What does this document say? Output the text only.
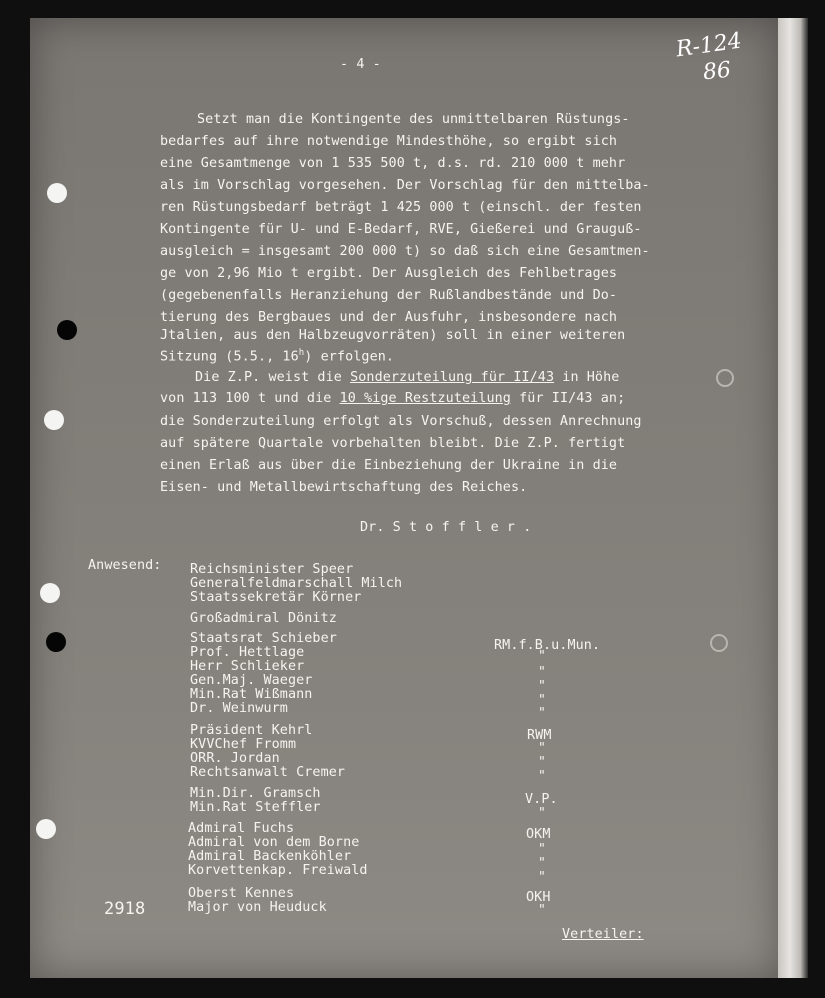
- 4 -
R-124
86
Setzt man die Kontingente des unmittelbaren Rüstungs-
bedarfes auf ihre notwendige Mindesthöhe, so ergibt sich
eine Gesamtmenge von 1 535 500 t, d.s. rd. 210 000 t mehr
als im Vorschlag vorgesehen. Der Vorschlag für den mittelba-
ren Rüstungsbedarf beträgt 1 425 000 t (einschl. der festen
Kontingente für U- und E-Bedarf, RVE, Gießerei und Grauguß-
ausgleich = insgesamt 200 000 t) so daß sich eine Gesamtmen-
ge von 2,96 Mio t ergibt. Der Ausgleich des Fehlbetrages
(gegebenenfalls Heranziehung der Rußlandbestände und Do-
tierung des Bergbaues und der Ausfuhr, insbesondere nach
Jtalien, aus den Halbzeugvorräten) soll in einer weiteren
Sitzung (5.5., 16$^h$) erfolgen.
Die Z.P. weist die Sonderzuteilung für II/43 in Höhe
von 113 100 t und die 10 %ige Restzuteilung für II/43 an;
die Sonderzuteilung erfolgt als Vorschuß, dessen Anrechnung
auf spätere Quartale vorbehalten bleibt. Die Z.P. fertigt
einen Erlaß aus über die Einbeziehung der Ukraine in die
Eisen- und Metallbewirtschaftung des Reiches.
Dr. S t o f f l e r .
Anwesend: Reichsminister Speer
Generalfeldmarschall Milch
Staatssekretär Körner
Großadmiral Dönitz
Staatsrat Schieber
Prof. Hettlage
Herr Schlieker
Gen.Maj. Waeger
Min.Rat Wißmann
Dr. Weinwurm
RM.f.B.u.Mun.
Präsident Kehrl
KVVChef Fromm
ORR. Jordan
Rechtsanwalt Cremer
RWM
Min.Dir. Gramsch
Min.Rat Steffler
V.P.
Admiral Fuchs
Admiral von dem Borne
Admiral Backenköhler
Korvettenkap. Freiwald
OKM
Oberst Kennes
Major von Heuduck
OKH
"
"
"
"
"
"
"
"
"
"
"
"
"
2918
Verteiler:
